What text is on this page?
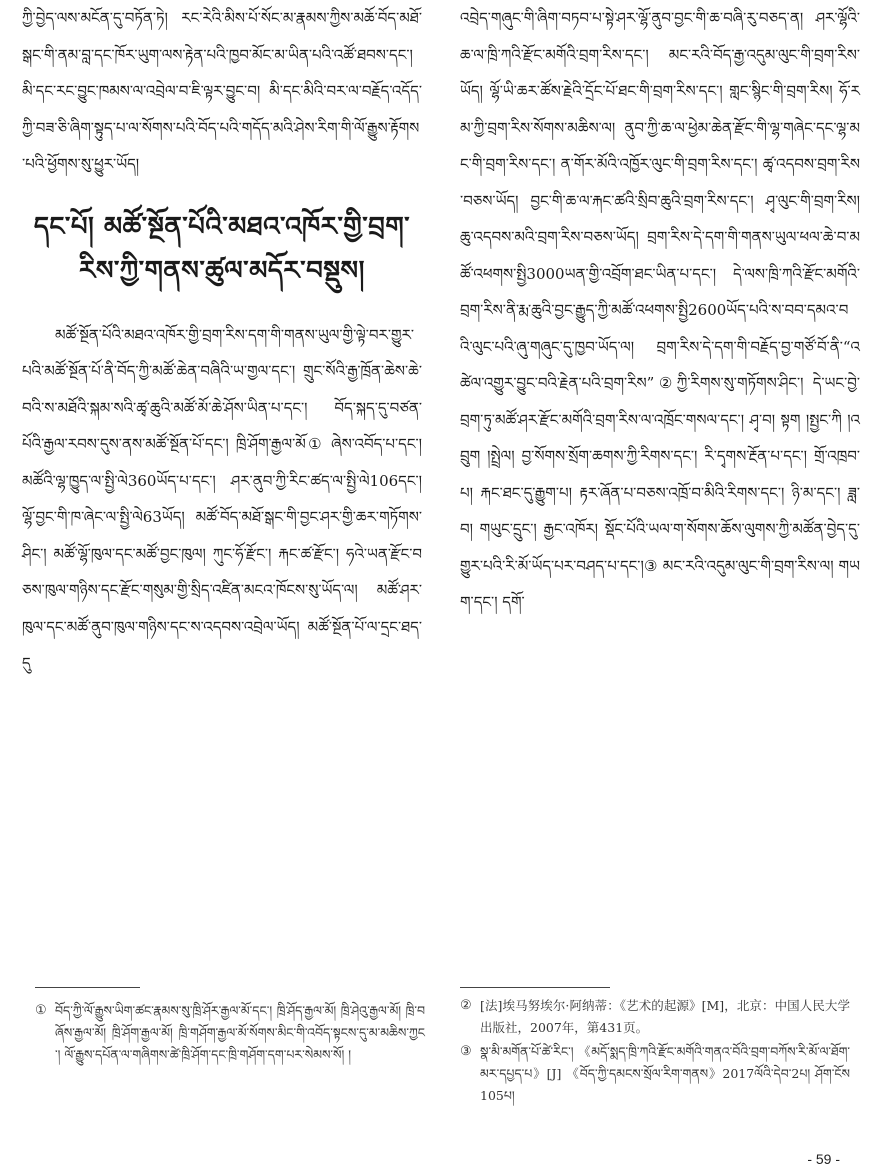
ཀྱི་བྱེད་ལས་མངོན་དུ་བཏོན་ཏེ། རང་རེའི་མིས་པོ་སོང་མ་རྣམས་ཀྱིས་མཆོ་བོད་མཐོ་སྒང་གི་ནམ་བླ་དང་ཁོར་ཡུག་ལས་རྟེན་པའི་ཁྱབ་མོང་མ་ཡིན་པའི་འཚོ་ཐབས་དང་། མི་དང་རང་བྱུང་ཁམས་ལ་འབྲེལ་བ་ཇི་ལྟར་བྱུང་བ། མི་དང་མིའི་བར་ལ་བརྗོད་འདོད་ཀྱི་བཟ་ཅི་ཞིག་སྟུད་པ་ལ་སོགས་པའི་བོད་པའི་གདོད་མའི་ཤེས་རིག་གི་ལོ་རྒྱུས་རྟོགས་པའི་ཕྱོགས་སུ་ཕྱུར་ཡོད།

དང་པོ། མཚོ་སྔོན་པོའི་མཐའ་འཁོར་གྱི་བྲག་རིས་ཀྱི་གནས་ཚུལ་མདོར་བསྡུས།

མཚོ་སྔོན་པོའི་མཐའ་འཁོར་གྱི་བྲག་རིས་དག་གི་གནས་ཡུལ་གྱི་ལྟེ་བར་གྱུར་པའི་མཚོ་སྔོན་པོ་ནི་བོད་ཀྱི་མཚོ་ཆེན་བཞིའི་ཡ་གྱལ་དང་། གྲུང་སོའི་རྒྱ་ཁྲོན་ཆེས་ཆེ་བའི་ས་མཐོའི་སྐམ་སའི་ཚྭ་ཆུའི་མཚོ་མོ་ཆེ་ཤོས་ཡིན་པ་དང་། བོད་སྐད་དུ་བཙན་པོའི་རྒྱལ་རབས་དུས་ནས་མཚོ་སྔོན་པོ་དང་། ཁྲི་ཤོག་རྒྱལ་མོ① ཞེས་འབོད་པ་དང་། མཚོའི་ལྷ་ཁྱུད་ལ་སྤྱི་ལེ360ཡོད་པ་དང་། ཤར་ནུབ་ཀྱི་རིང་ཚད་ལ་སྤྱི་ལེ106དང་། ལྷོ་བྱང་གི་ཁ་ཞེང་ལ་སྤྱི་ལེ63ཡོད། མཚོ་བོད་མཐོ་སྒང་གི་བྱང་ཤར་གྱི་ཆར་གཏོགས་ཤིང་། མཚོ་ལྷོ་ཁུལ་དང་མཚོ་བྱང་ཁུལ། ཀུང་ཧོ་རྫོང་། རྐང་ཚ་རྫོང་། ཧའེ་ཡན་རྫོང་བཅས་ཁུལ་གཉིས་དང་རྫོང་གསུམ་གྱི་སྲིད་འཛིན་མངའ་ཁོངས་སུ་ཡོད་ལ། མཚོ་ཤར་ཁུལ་དང་མཚོ་ནུབ་ཁུལ་གཉིས་དང་ས་འདབས་འབྲེལ་ཡོད། མཚོ་སྔོན་པོ་ལ་དྲང་ཐད་དུ

འབྲེད་གཞུང་གི་ཞིག་བཏབ་པ་སྟེ་ཤར་ལྷོ་ནུབ་བྱང་གི་ཆ་བཞི་རུ་བཅད་ན། ཤར་ལྷོའི་ཆ་ལ་ཁྲི་ཀའི་རྫོང་མགོའི་བྲག་རིས་དང་། མང་རའི་བོད་རྒྱ་འདུམ་ལུང་གི་བྲག་རིས་ཡོད། ལྷོ་ཡི་ཆར་ཚོས་རྗེའི་དྲོང་པོ་ཐང་གི་བྲག་རིས་དང་། གླང་སྙིང་གི་བྲག་རིས། ཧོ་རམ་ཀྱི་བྲག་རིས་སོགས་མཆིས་ལ། ནུབ་ཀྱི་ཆ་ལ་ཕྱེམ་ཆེན་རྫོང་གི་ལྷ་གཞེང་དང་ལྷ་མང་གི་བྲག་རིས་དང་། ན་གོར་མོའི་འཁྱོར་ལུང་གི་བྲག་རིས་དང་། ཚྭ་འདབས་བྲག་རིས་བཅས་ཡོད། བྱང་གི་ཆ་ལ་རྐང་ཚའི་སྲིབ་ཆུའི་བྲག་རིས་དང་། ཤྭ་ལུང་གི་བྲག་རིས། ཆུ་འདབས་མའི་བྲག་རིས་བཅས་ཡོད། བྲག་རིས་དེ་དག་གི་གནས་ཡུལ་ཕལ་ཆེ་བ་མཚོ་འཕགས་སྤྱི3000ཡན་གྱི་འབྲོག་ཐང་ཡིན་པ་དང་། དེ་ལས་ཁྲི་ཀའི་རྫོང་མགོའི་བྲག་རིས་ནི་རྨ་ཆུའི་བྱང་རྒྱུད་ཀྱི་མཚོ་འཕགས་སྤྱི2600ཡོད་པའི་ས་བབ་དམའ་བའི་ལུང་པའི་ཞུ་གཞུང་དུ་ཁྱབ་ཡོད་ལ། བྲག་རིས་དེ་དག་གི་བརྗོད་བྱ་གཙོ་བོ་ནི་“འཚེལ་འགྱུར་བྱུང་བའི་རྗེན་པའི་བྲག་རིས”②ཀྱི་རིགས་སུ་གཏོགས་ཤིང་། དེ་ཡང་བྱེ་བྲག་ཏུ་མཚོ་ཤར་རྫོང་མགོའི་བྲག་རིས་ལ་འཁྲོང་གསལ་དང་། ཤྭ་བ། སྟག །སྤྱང་ཀི །འབྲུག །སྤྲེལ། བྱ་སོགས་སྲོག་ཆགས་ཀྱི་རིགས་དང་། རི་དྭགས་རྔོན་པ་དང་། གྲོ་འཁྲབ་པ། རྐང་ཐང་དུ་རྒྱུག་པ། རྟར་ཞོན་པ་བཅས་འཁྲོ་བ་མིའི་རིགས་དང་། ཉི་མ་དང་། ཟླ་བ། གཡུང་དྲུང་། རྒྱང་འཁོར། སྡོང་པོའི་ཡལ་ག་སོགས་ཆོས་ལུགས་ཀྱི་མཚོན་བྱེད་དུ་གྱུར་པའི་རི་མོ་ཡོད་པར་བཤད་པ་དང་།③ མང་རའི་འདུམ་ལུང་གི་བྲག་རིས་ལ། གཡག་དང་། དགོ་

① བོད་ཀྱི་ལོ་རྒྱུས་ཡིག་ཚང་རྣམས་སུ་ཁྲི་ཤོར་རྒྱལ་མོ་དང་། ཁྲི་ཤོད་རྒྱལ་མོ། ཁྲི་ཤེའུ་རྒྱལ་མོ། ཁྲི་བཞོས་རྒྱལ་མོ། ཁྲི་ཤོག་རྒྱལ་མོ། ཁྲི་གཤོག་རྒྱལ་མོ་སོགས་མིང་གི་འབོད་སྟངས་དུ་མ་མཆིས་ཀྱང་། ལོ་རྒྱུས་དཔོན་ལ་གཞིགས་ཚེ་ཁྲི་ཤོག་དང་ཁྲི་གཤོག་དག་པར་སེམས་སོ། །
② [法]埃马努埃尔·阿纳蒂：《艺术的起源》[M]，北京：中国人民大学出版社，2007年，第431页。
③ སྣ་མི་མགོན་པོ་ཚེ་རིང་། 《མདོ་སྨད་ཁྲི་ཀའི་རྫོང་མགོའི་གནའ་བོའི་བྲག་བཀོས་རི་མོ་ལ་ཐོག་མར་དཔྱད་པ》[J] 《བོད་ཀྱི་དམངས་སྲོལ་རིག་གནས》2017ལོའི་དེབ་2པ། ཤོག་ངོས105པ།
- 59 -
